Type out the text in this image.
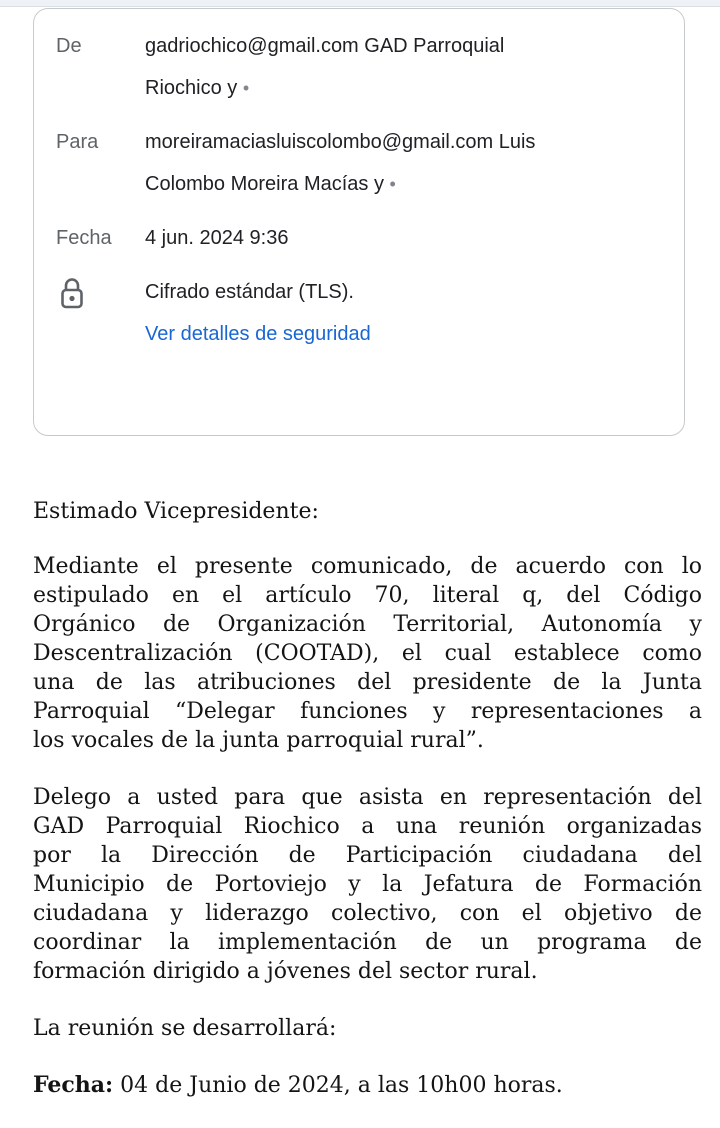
De	gadriochico@gmail.com GAD Parroquial
Riochico y •
Para	moreiramaciasluiscolombo@gmail.com Luis
Colombo Moreira Macías y •
Fecha	4 jun. 2024 9:36
Cifrado estándar (TLS).
Ver detalles de seguridad
Estimado Vicepresidente:
Mediante el presente comunicado, de acuerdo con lo
estipulado en el artículo 70, literal q, del Código
Orgánico de Organización Territorial, Autonomía y
Descentralización (COOTAD), el cual establece como
una de las atribuciones del presidente de la Junta
Parroquial “Delegar funciones y representaciones a
los vocales de la junta parroquial rural”.
Delego a usted para que asista en representación del
GAD Parroquial Riochico a una reunión organizadas
por la Dirección de Participación ciudadana del
Municipio de Portoviejo y la Jefatura de Formación
ciudadana y liderazgo colectivo, con el objetivo de
coordinar la implementación de un programa de
formación dirigido a jóvenes del sector rural.
La reunión se desarrollará:
Fecha: 04 de Junio de 2024, a las 10h00 horas.
